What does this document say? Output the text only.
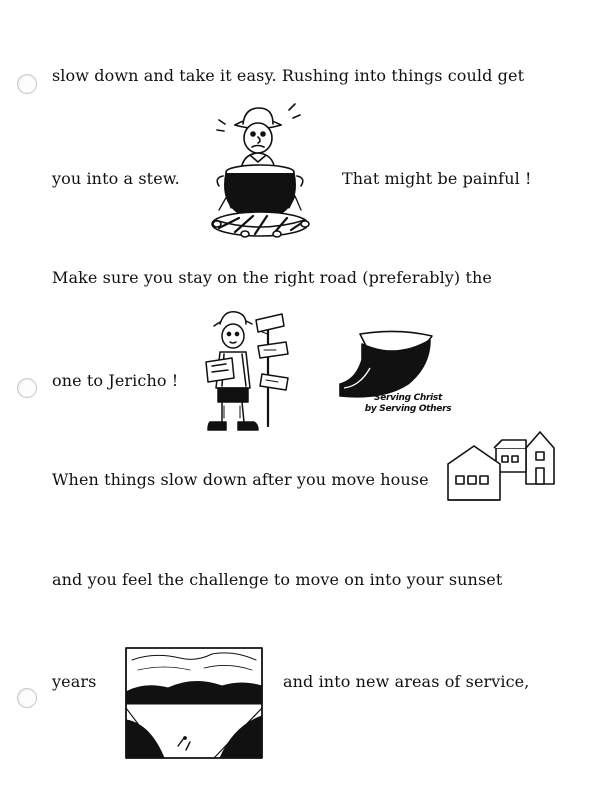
slow down and take it easy. Rushing into things could get
you into a stew.	That might be painful !
Make sure you stay on the right road (preferably) the
one to Jericho !
When things slow down after you move house
and you feel the challenge to move on into your sunset
years	and into new areas of service,
Serving Christ
by Serving Others
